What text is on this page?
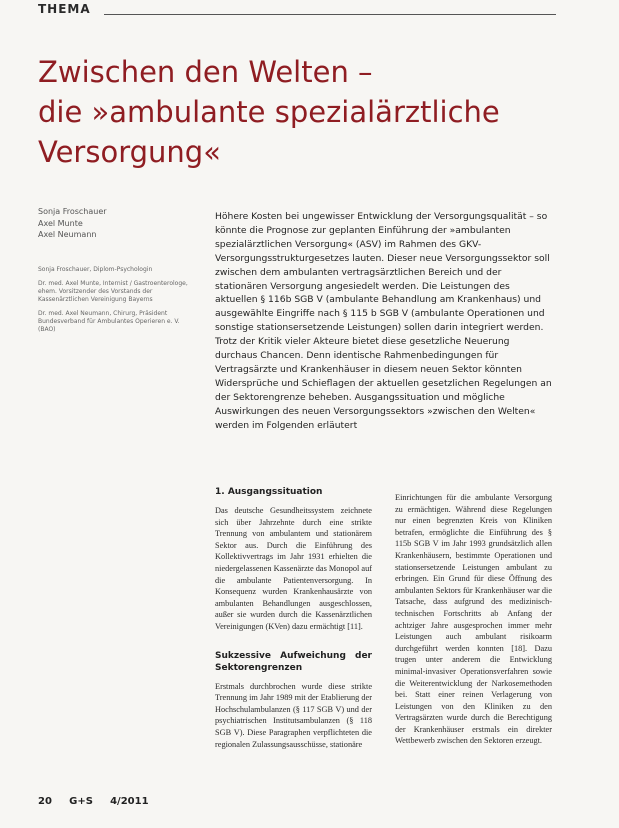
THEMA
Zwischen den Welten –
die »ambulante spezialärztliche
Versorgung«
Sonja Froschauer
Axel Munte
Axel Neumann

Sonja Froschauer, Diplom-Psychologin

Dr. med. Axel Munte, Internist / Gastroenterologe, ehem. Vorsitzender des Vorstands der Kassenärztlichen Vereinigung Bayerns

Dr. med. Axel Neumann, Chirurg, Präsident Bundesverband für Ambulantes Operieren e. V. (BAO)

Höhere Kosten bei ungewisser Entwicklung der Versorgungsqualität – so könnte die Prognose zur geplanten Einführung der »ambulanten spezialärztlichen Versorgung« (ASV) im Rahmen des GKV-Versorgungsstrukturgesetzes lauten. Dieser neue Versorgungssektor soll zwischen dem ambulanten vertragsärztlichen Bereich und der stationären Versorgung angesiedelt werden. Die Leistungen des aktuellen § 116b SGB V (ambulante Behandlung am Krankenhaus) und ausgewählte Eingriffe nach § 115 b SGB V (ambulante Operationen und sonstige stationsersetzende Leistungen) sollen darin integriert werden. Trotz der Kritik vieler Akteure bietet diese gesetzliche Neuerung durchaus Chancen. Denn identische Rahmenbedingungen für Vertragsärzte und Krankenhäuser in diesem neuen Sektor könnten Widersprüche und Schieflagen der aktuellen gesetzlichen Regelungen an der Sektorengrenze beheben. Ausgangssituation und mögliche Auswirkungen des neuen Versorgungssektors »zwischen den Welten« werden im Folgenden erläutert

1. Ausgangssituation

Das deutsche Gesundheitssystem zeichnete sich über Jahrzehnte durch eine strikte Trennung von ambulantem und stationärem Sektor aus. Durch die Einführung des Kollektivvertrags im Jahr 1931 erhielten die niedergelassenen Kassenärzte das Monopol auf die ambulante Patientenversorgung. In Konsequenz wurden Krankenhausärzte von ambulanten Behandlungen ausgeschlossen, außer sie wurden durch die Kassenärztlichen Vereinigungen (KVen) dazu ermächtigt [11].

Sukzessive Aufweichung der Sektorengrenzen

Erstmals durchbrochen wurde diese strikte Trennung im Jahr 1989 mit der Etablierung der Hochschulambulanzen (§ 117 SGB V) und der psychiatrischen Institutsambulanzen (§ 118 SGB V). Diese Paragraphen verpflichteten die regionalen Zulassungsausschüsse, stationäre

Einrichtungen für die ambulante Versorgung zu ermächtigen. Während diese Regelungen nur einen begrenzten Kreis von Kliniken betrafen, ermöglichte die Einführung des § 115b SGB V im Jahr 1993 grundsätzlich allen Krankenhäusern, bestimmte Operationen und stationsersetzende Leistungen ambulant zu erbringen. Ein Grund für diese Öffnung des ambulanten Sektors für Krankenhäuser war die Tatsache, dass aufgrund des medizinisch-technischen Fortschritts ab Anfang der achtziger Jahre ausgesprochen immer mehr Leistungen auch ambulant risikoarm durchgeführt werden konnten [18]. Dazu trugen unter anderem die Entwicklung minimal-invasiver Operationsverfahren sowie die Weiterentwicklung der Narkosemethoden bei. Statt einer reinen Verlagerung von Leistungen von den Kliniken zu den Vertragsärzten wurde durch die Berechtigung der Krankenhäuser erstmals ein direkter Wettbewerb zwischen den Sektoren erzeugt.

20 G+S 4/2011
